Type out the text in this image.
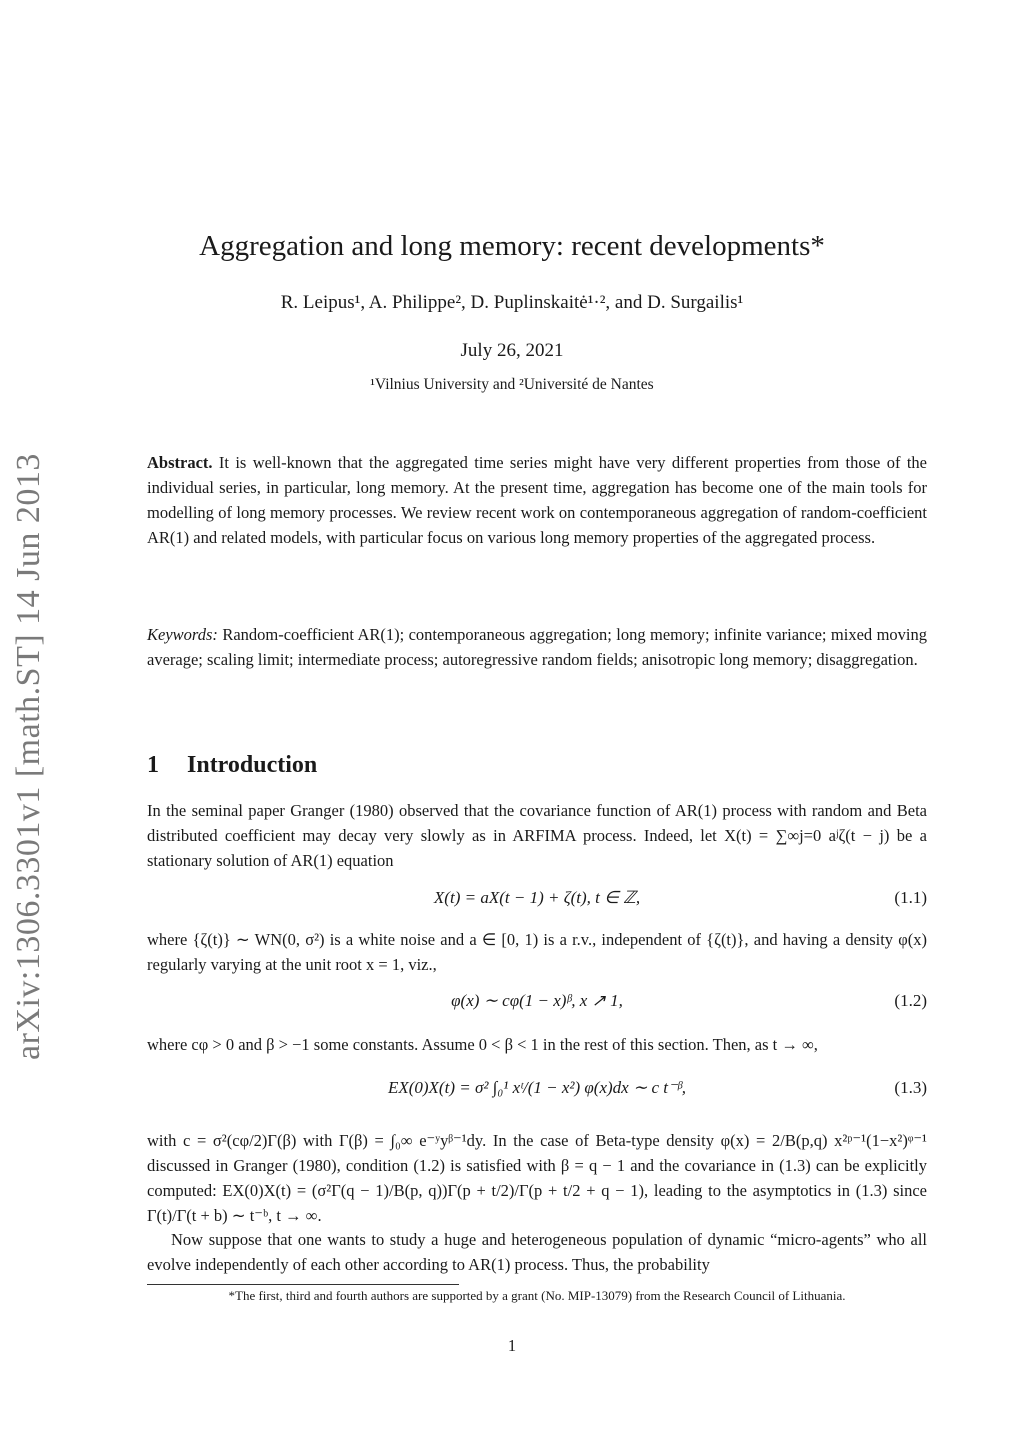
arXiv:1306.3301v1 [math.ST] 14 Jun 2013
Aggregation and long memory: recent developments*
R. Leipus¹, A. Philippe², D. Puplinskaitė¹·², and D. Surgailis¹
July 26, 2021
¹Vilnius University and ²Université de Nantes

Abstract. It is well-known that the aggregated time series might have very different properties from those of the individual series, in particular, long memory. At the present time, aggregation has become one of the main tools for modelling of long memory processes. We review recent work on contemporaneous aggregation of random-coefficient AR(1) and related models, with particular focus on various long memory properties of the aggregated process.

Keywords: Random-coefficient AR(1); contemporaneous aggregation; long memory; infinite variance; mixed moving average; scaling limit; intermediate process; autoregressive random fields; anisotropic long memory; disaggregation.

1 Introduction

In the seminal paper Granger (1980) observed that the covariance function of AR(1) process with random and Beta distributed coefficient may decay very slowly as in ARFIMA process. Indeed, let X(t) = ∑∞j=0 aʲζ(t − j) be a stationary solution of AR(1) equation

X(t) = aX(t − 1) + ζ(t), t ∈ ℤ,	(1.1)

where {ζ(t)} ∼ WN(0, σ²) is a white noise and a ∈ [0, 1) is a r.v., independent of {ζ(t)}, and having a density φ(x) regularly varying at the unit root x = 1, viz.,

φ(x) ∼ cφ(1 − x)ᵝ, x ↗ 1,	(1.2)

where cφ > 0 and β > −1 some constants. Assume 0 < β < 1 in the rest of this section. Then, as t → ∞,

EX(0)X(t) = σ² ∫₀¹ xᵗ/(1 − x²) φ(x)dx ∼ c t⁻ᵝ,	(1.3)

with c = σ²(cφ/2)Γ(β) with Γ(β) = ∫₀∞ e⁻ʸyᵝ⁻¹dy. In the case of Beta-type density φ(x) = 2/B(p,q) x²ᵖ⁻¹(1−x²)ᵠ⁻¹ discussed in Granger (1980), condition (1.2) is satisfied with β = q − 1 and the covariance in (1.3) can be explicitly computed: EX(0)X(t) = (σ²Γ(q − 1)/B(p, q))Γ(p + t/2)/Γ(p + t/2 + q − 1), leading to the asymptotics in (1.3) since Γ(t)/Γ(t + b) ∼ t⁻ᵇ, t → ∞.

Now suppose that one wants to study a huge and heterogeneous population of dynamic “micro-agents” who all evolve independently of each other according to AR(1) process. Thus, the probability

*The first, third and fourth authors are supported by a grant (No. MIP-13079) from the Research Council of Lithuania.
1
